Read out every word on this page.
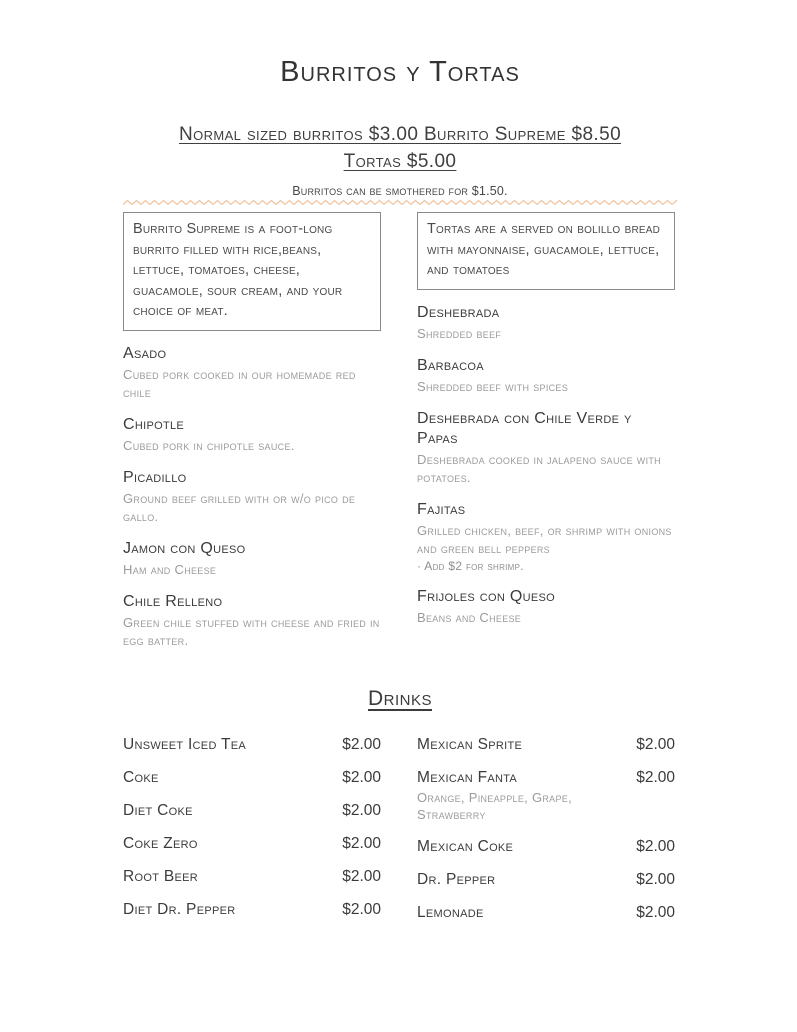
Burritos y Tortas
Normal sized burritos $3.00 Burrito Supreme $8.50
Tortas $5.00
Burritos can be smothered for $1.50.
Burrito Supreme is a foot-long burrito filled with rice,beans, lettuce, tomatoes, cheese, guacamole, sour cream, and your choice of meat.
Asado
Cubed pork cooked in our homemade red chile
Chipotle
Cubed pork in chipotle sauce.
Picadillo
Ground beef grilled with or w/o pico de gallo.
Jamon con Queso
Ham and Cheese
Chile Relleno
Green chile stuffed with cheese and fried in egg batter.
Tortas are a served on bolillo bread with mayonnaise, guacamole, lettuce, and tomatoes
Deshebrada
Shredded beef
Barbacoa
Shredded beef with spices
Deshebrada con Chile Verde y Papas
Deshebrada cooked in jalapeno sauce with potatoes.
Fajitas
Grilled chicken, beef, or shrimp with onions and green bell peppers
· Add $2 for shrimp.
Frijoles con Queso
Beans and Cheese
Drinks
Unsweet Iced Tea	$2.00
Coke	$2.00
Diet Coke	$2.00
Coke Zero	$2.00
Root Beer	$2.00
Diet Dr. Pepper	$2.00
Mexican Sprite	$2.00
Mexican Fanta	$2.00
Orange, Pineapple, Grape, Strawberry
Mexican Coke	$2.00
Dr. Pepper	$2.00
Lemonade	$2.00
